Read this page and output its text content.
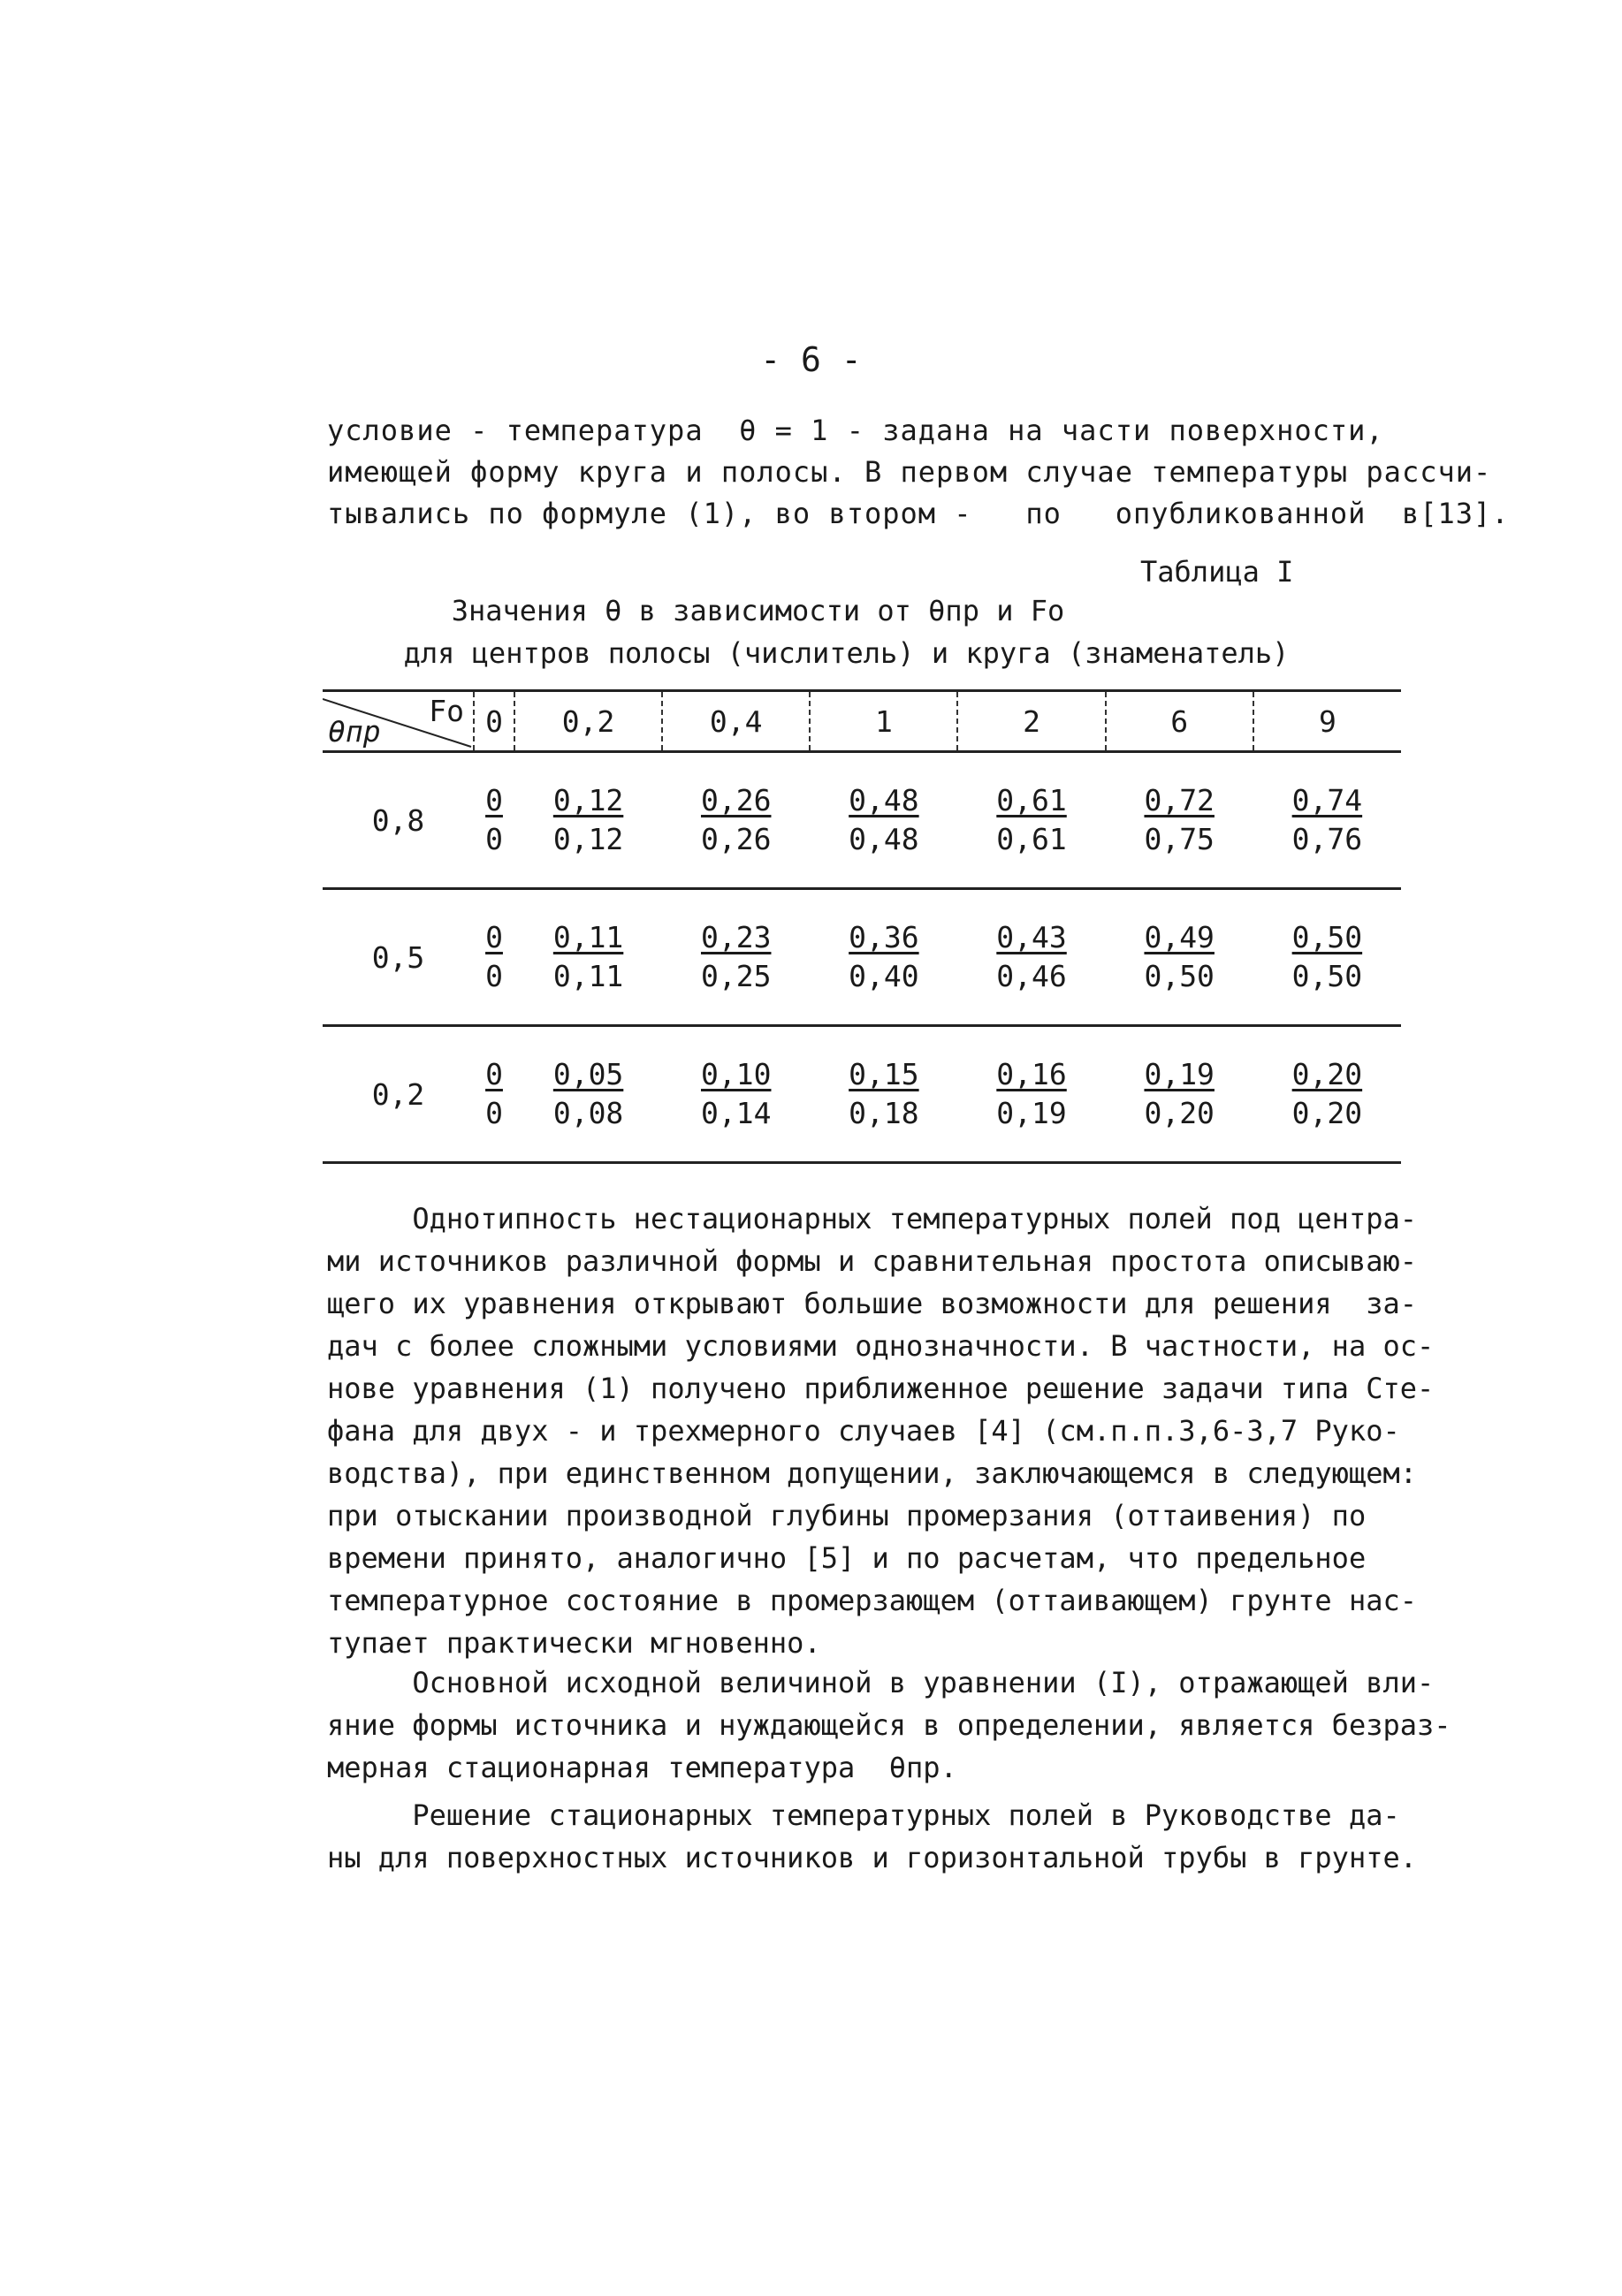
- 6 -
условие - температура  θ = 1 - задана на части поверхности,
имеющей форму круга и полосы. В первом случае температуры рассчи-
тывались по формуле (1), во втором -   по   опубликованной  в[13].
Таблица I
Значения θ в зависимости от θпр и Fo
для центров полосы (числитель) и круга (знаменатель)
θпр
Fo	0	0,2	0,4	1	2	6	9
0,8	$\frac{0}{0}$	$\frac{0,12}{0,12}$	$\frac{0,26}{0,26}$	$\frac{0,48}{0,48}$	$\frac{0,61}{0,61}$	$\frac{0,72}{0,75}$	$\frac{0,74}{0,76}$

0,5	$\frac{0}{0}$	$\frac{0,11}{0,11}$	$\frac{0,23}{0,25}$	$\frac{0,36}{0,40}$	$\frac{0,43}{0,46}$	$\frac{0,49}{0,50}$	$\frac{0,50}{0,50}$

0,2	$\frac{0}{0}$	$\frac{0,05}{0,08}$	$\frac{0,10}{0,14}$	$\frac{0,15}{0,18}$	$\frac{0,16}{0,19}$	$\frac{0,19}{0,20}$	$\frac{0,20}{0,20}$
Однотипность нестационарных температурных полей под центра-
ми источников различной формы и сравнительная простота описываю-
щего их уравнения открывают большие возможности для решения  за-
дач с более сложными условиями однозначности. В частности, на ос-
нове уравнения (1) получено приближенное решение задачи типа Сте-
фана для двух - и трехмерного случаев [4] (см.п.п.3,6-3,7 Руко-
водства), при единственном допущении, заключающемся в следующем:
при отыскании производной глубины промерзания (оттаивения) по
времени принято, аналогично [5] и по расчетам, что предельное
температурное состояние в промерзающем (оттаивающем) грунте нас-
тупает практически мгновенно.
Основной исходной величиной в уравнении (I), отражающей вли-
яние формы источника и нуждающейся в определении, является безраз-
мерная стационарная температура  θпр.
Решение стационарных температурных полей в Руководстве да-
ны для поверхностных источников и горизонтальной трубы в грунте.
